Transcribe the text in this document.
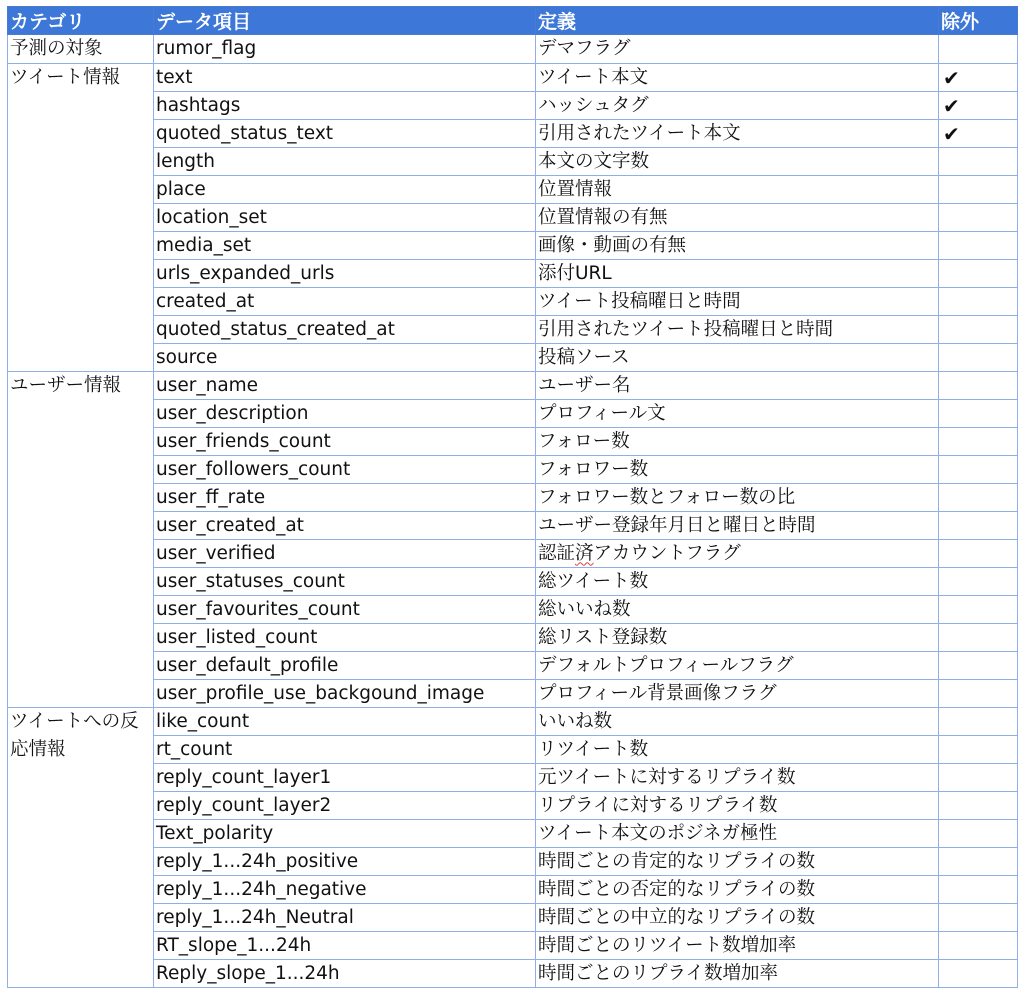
カテゴリ	データ項目	定義	除外
予測の対象	rumor_flag	デマフラグ	
ツイート情報	text	ツイート本文	✔
	hashtags	ハッシュタグ	✔
	quoted_status_text	引用されたツイート本文	✔
	length	本文の文字数	
	place	位置情報	
	location_set	位置情報の有無	
	media_set	画像・動画の有無	
	urls_expanded_urls	添付URL	
	created_at	ツイート投稿曜日と時間	
	quoted_status_created_at	引用されたツイート投稿曜日と時間	
	source	投稿ソース	
ユーザー情報	user_name	ユーザー名	
	user_description	プロフィール文	
	user_friends_count	フォロー数	
	user_followers_count	フォロワー数	
	user_ff_rate	フォロワー数とフォロー数の比	
	user_created_at	ユーザー登録年月日と曜日と時間	
	user_verified	認証済アカウントフラグ	
	user_statuses_count	総ツイート数	
	user_favourites_count	総いいね数	
	user_listed_count	総リスト登録数	
	user_default_profile	デフォルトプロフィールフラグ	
	user_profile_use_backgound_image	プロフィール背景画像フラグ	
ツイートへの反応情報	like_count	いいね数	
	rt_count	リツイート数	
	reply_count_layer1	元ツイートに対するリプライ数	
	reply_count_layer2	リプライに対するリプライ数	
	Text_polarity	ツイート本文のポジネガ極性	
	reply_1...24h_positive	時間ごとの肯定的なリプライの数	
	reply_1...24h_negative	時間ごとの否定的なリプライの数	
	reply_1...24h_Neutral	時間ごとの中立的なリプライの数	
	RT_slope_1...24h	時間ごとのリツイート数増加率	
	Reply_slope_1...24h	時間ごとのリプライ数増加率	
